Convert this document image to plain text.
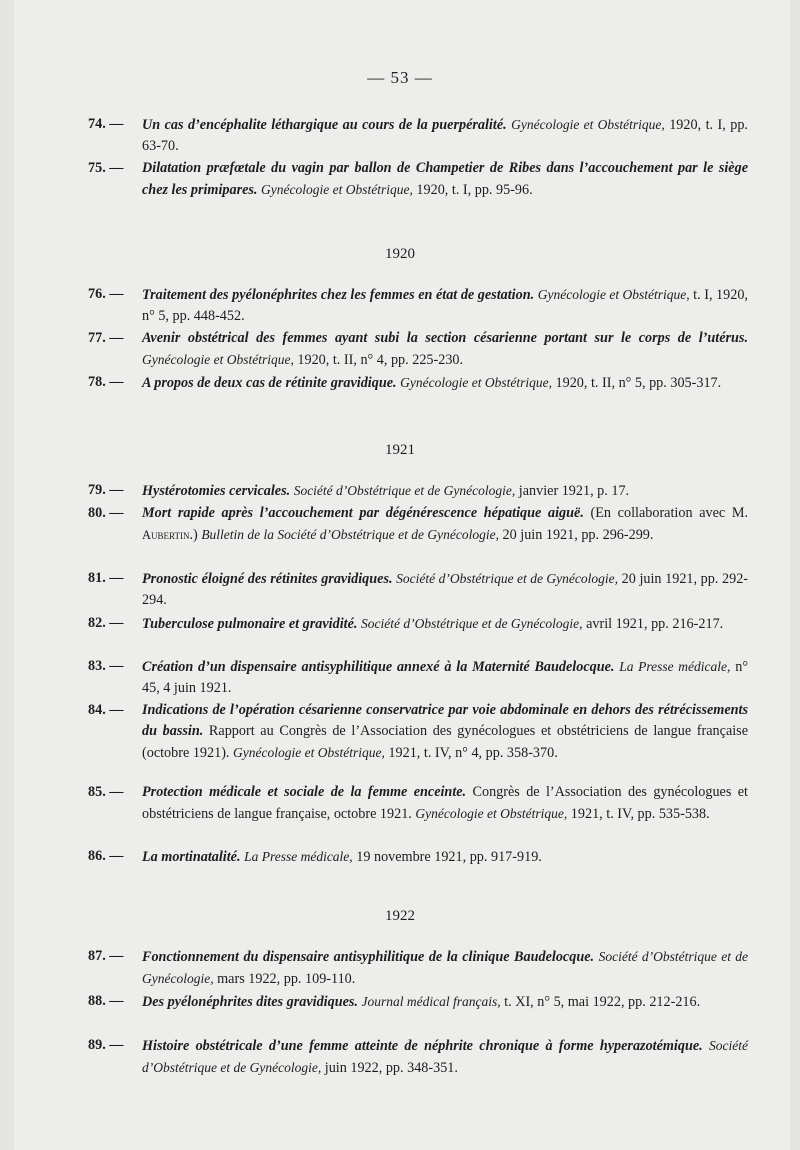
— 53 —
74. —	Un cas d’encéphalite léthargique au cours de la puerpéralité. Gynécologie et Obstétrique, 1920, t. I, pp. 63-70.
75. —	Dilatation præfœtale du vagin par ballon de Champetier de Ribes dans l’accouchement par le siège chez les primipares. Gynécologie et Obstétrique, 1920, t. I, pp. 95-96.
1920
76. —	Traitement des pyélonéphrites chez les femmes en état de gestation. Gynécologie et Obstétrique, t. I, 1920, n° 5, pp. 448-452.
77. —	Avenir obstétrical des femmes ayant subi la section césarienne portant sur le corps de l’utérus. Gynécologie et Obstétrique, 1920, t. II, n° 4, pp. 225-230.
78. —	A propos de deux cas de rétinite gravidique. Gynécologie et Obstétrique, 1920, t. II, n° 5, pp. 305-317.
1921
79. —	Hystérotomies cervicales. Société d’Obstétrique et de Gynécologie, janvier 1921, p. 17.
80. —	Mort rapide après l’accouchement par dégénérescence hépatique aiguë. (En collaboration avec M. Aubertin.) Bulletin de la Société d’Obstétrique et de Gynécologie, 20 juin 1921, pp. 296-299.
81. —	Pronostic éloigné des rétinites gravidiques. Société d’Obstétrique et de Gynécologie, 20 juin 1921, pp. 292-294.
82. —	Tuberculose pulmonaire et gravidité. Société d’Obstétrique et de Gynécologie, avril 1921, pp. 216-217.
83. —	Création d’un dispensaire antisyphilitique annexé à la Maternité Baudelocque. La Presse médicale, n° 45, 4 juin 1921.
84. —	Indications de l’opération césarienne conservatrice par voie abdominale en dehors des rétrécissements du bassin. Rapport au Congrès de l’Association des gynécologues et obstétriciens de langue française (octobre 1921). Gynécologie et Obstétrique, 1921, t. IV, n° 4, pp. 358-370.
85. —	Protection médicale et sociale de la femme enceinte. Congrès de l’Association des gynécologues et obstétriciens de langue française, octobre 1921. Gynécologie et Obstétrique, 1921, t. IV, pp. 535-538.
86. —	La mortinatalité. La Presse médicale, 19 novembre 1921, pp. 917-919.
1922
87. —	Fonctionnement du dispensaire antisyphilitique de la clinique Baudelocque. Société d’Obstétrique et de Gynécologie, mars 1922, pp. 109-110.
88. —	Des pyélonéphrites dites gravidiques. Journal médical français, t. XI, n° 5, mai 1922, pp. 212-216.
89. —	Histoire obstétricale d’une femme atteinte de néphrite chronique à forme hyperazotémique. Société d’Obstétrique et de Gynécologie, juin 1922, pp. 348-351.
